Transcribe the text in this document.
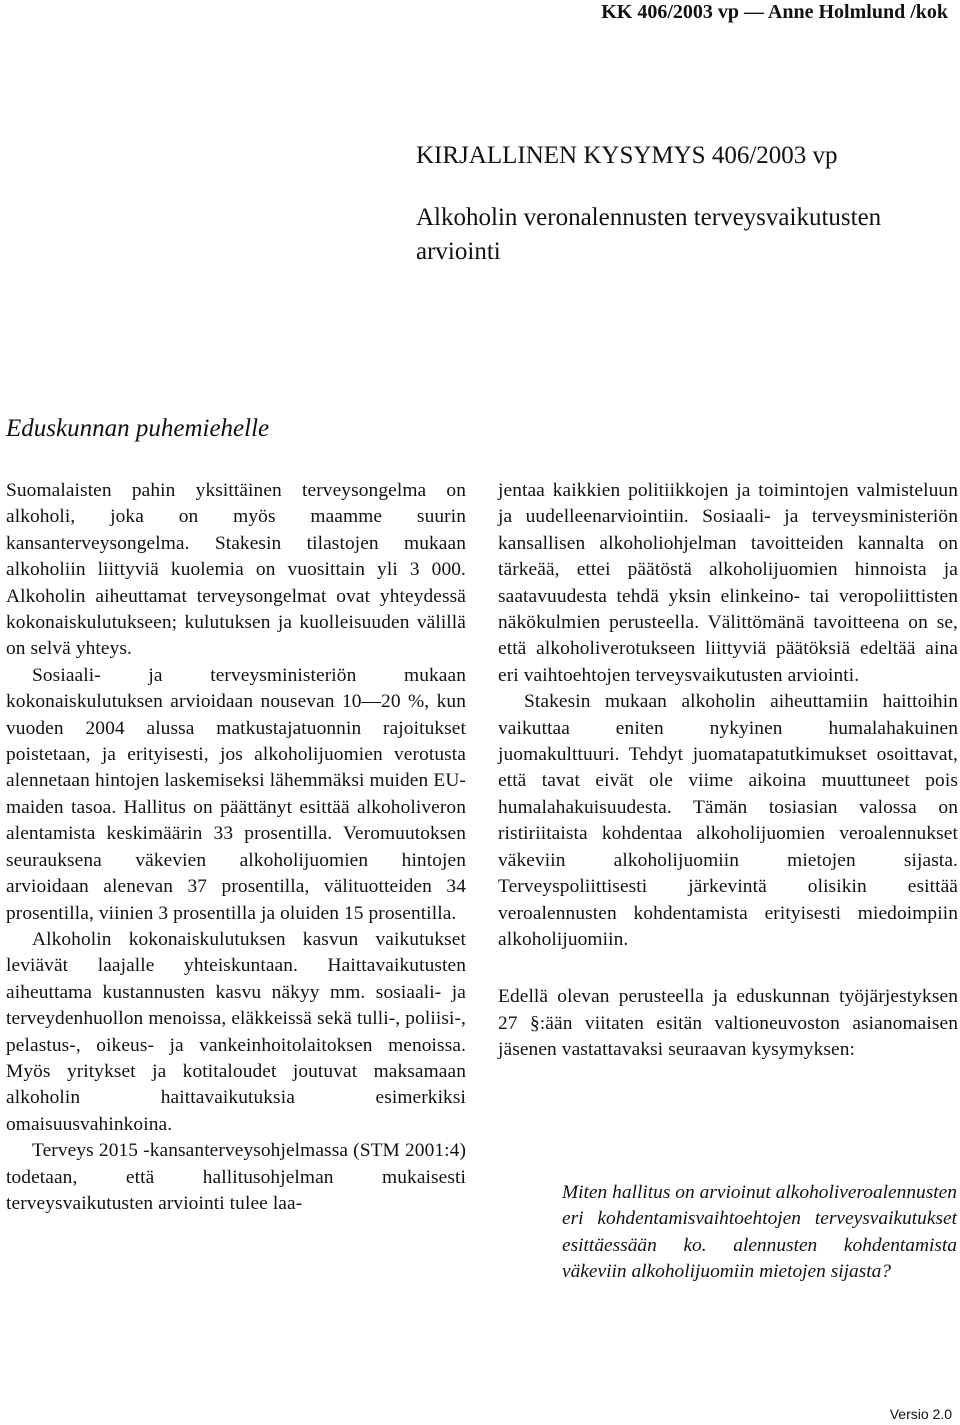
KK 406/2003 vp — Anne Holmlund /kok
KIRJALLINEN KYSYMYS 406/2003 vp
Alkoholin veronalennusten terveysvaikutusten arviointi
Eduskunnan puhemiehelle

Suomalaisten pahin yksittäinen terveysongelma on alkoholi, joka on myös maamme suurin kansanterveysongelma. Stakesin tilastojen mukaan alkoholiin liittyviä kuolemia on vuosittain yli 3 000. Alkoholin aiheuttamat terveysongelmat ovat yhteydessä kokonaiskulutukseen; kulutuksen ja kuolleisuuden välillä on selvä yhteys.

Sosiaali- ja terveysministeriön mukaan kokonaiskulutuksen arvioidaan nousevan 10—20 %, kun vuoden 2004 alussa matkustajatuonnin rajoitukset poistetaan, ja erityisesti, jos alkoholijuomien verotusta alennetaan hintojen laskemiseksi lähemmäksi muiden EU-maiden tasoa. Hallitus on päättänyt esittää alkoholiveron alentamista keskimäärin 33 prosentilla. Veromuutoksen seurauksena väkevien alkoholijuomien hintojen arvioidaan alenevan 37 prosentilla, välituotteiden 34 prosentilla, viinien 3 prosentilla ja oluiden 15 prosentilla.

Alkoholin kokonaiskulutuksen kasvun vaikutukset leviävät laajalle yhteiskuntaan. Haittavaikutusten aiheuttama kustannusten kasvu näkyy mm. sosiaali- ja terveydenhuollon menoissa, eläkkeissä sekä tulli-, poliisi-, pelastus-, oikeus- ja vankeinhoitolaitoksen menoissa. Myös yritykset ja kotitaloudet joutuvat maksamaan alkoholin haittavaikutuksia esimerkiksi omaisuusvahinkoina.

Terveys 2015 -kansanterveysohjelmassa (STM 2001:4) todetaan, että hallitusohjelman mukaisesti terveysvaikutusten arviointi tulee laa-

jentaa kaikkien politiikkojen ja toimintojen valmisteluun ja uudelleenarviointiin. Sosiaali- ja terveysministeriön kansallisen alkoholiohjelman tavoitteiden kannalta on tärkeää, ettei päätöstä alkoholijuomien hinnoista ja saatavuudesta tehdä yksin elinkeino- tai veropoliittisten näkökulmien perusteella. Välittömänä tavoitteena on se, että alkoholiverotukseen liittyviä päätöksiä edeltää aina eri vaihtoehtojen terveysvaikutusten arviointi.

Stakesin mukaan alkoholin aiheuttamiin haittoihin vaikuttaa eniten nykyinen humalahakuinen juomakulttuuri. Tehdyt juomatapatutkimukset osoittavat, että tavat eivät ole viime aikoina muuttuneet pois humalahakuisuudesta. Tämän tosiasian valossa on ristiriitaista kohdentaa alkoholijuomien veroalennukset väkeviin alkoholijuomiin mietojen sijasta. Terveyspoliittisesti järkevintä olisikin esittää veroalennusten kohdentamista erityisesti miedoimpiin alkoholijuomiin.

Edellä olevan perusteella ja eduskunnan työjärjestyksen 27 §:ään viitaten esitän valtioneuvoston asianomaisen jäsenen vastattavaksi seuraavan kysymyksen:

Miten hallitus on arvioinut alkoholiveroalennusten eri kohdentamisvaihtoehtojen terveysvaikutukset esittäessään ko. alennusten kohdentamista väkeviin alkoholijuomiin mietojen sijasta?
Versio 2.0
